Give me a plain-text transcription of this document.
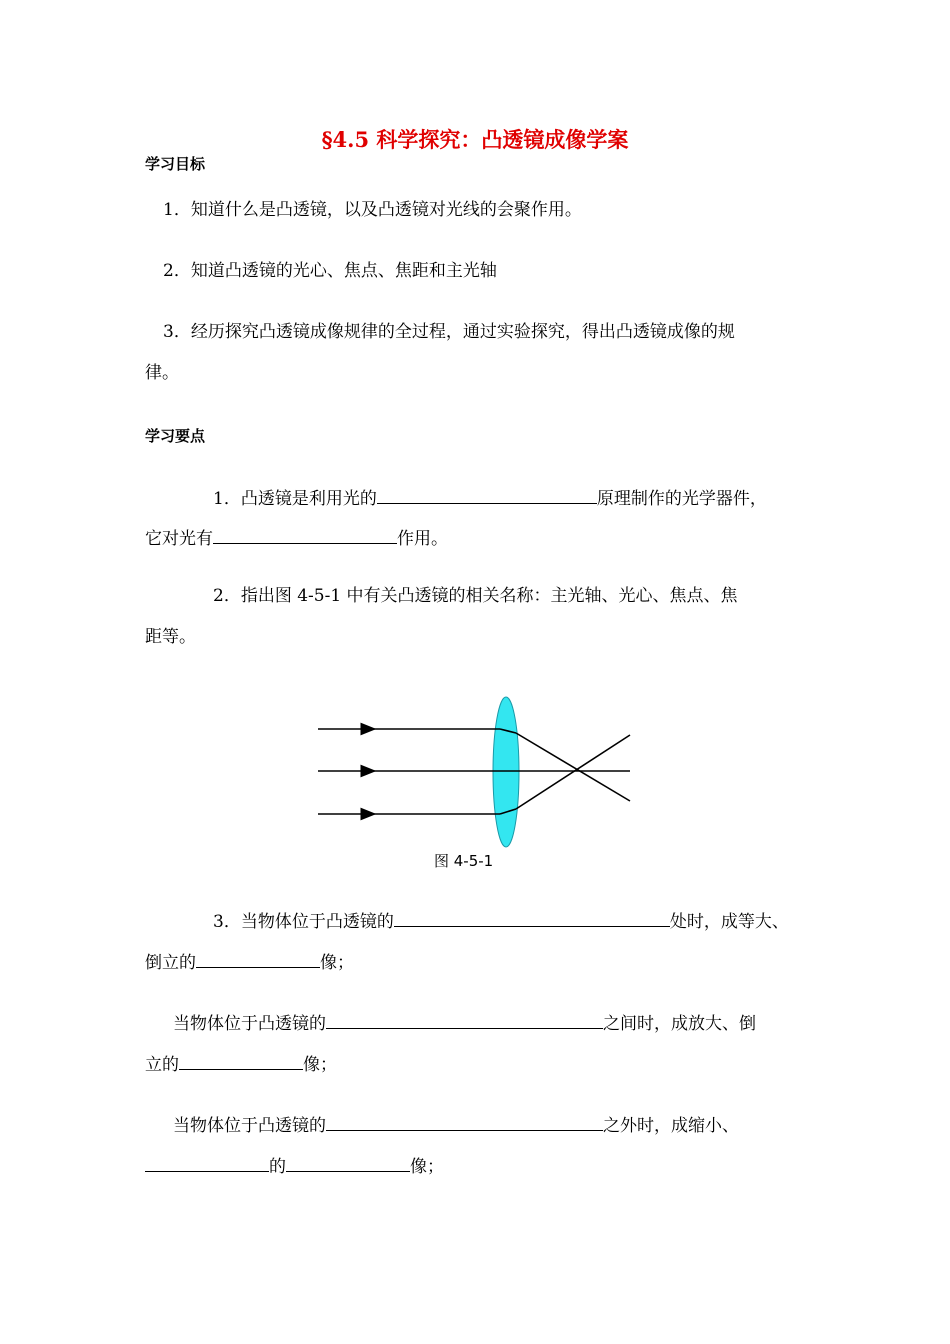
§4.5 科学探究：凸透镜成像学案
学习目标
1．知道什么是凸透镜，以及凸透镜对光线的会聚作用。
2．知道凸透镜的光心、焦点、焦距和主光轴
3．经历探究凸透镜成像规律的全过程，通过实验探究，得出凸透镜成像的规
律。
学习要点
1．凸透镜是利用光的	原理制作的光学器件，
它对光有	作用。
2．指出图 4-5-1 中有关凸透镜的相关名称：主光轴、光心、焦点、焦
距等。
图 4-5-1
3．当物体位于凸透镜的	处时，成等大、
倒立的	像；
当物体位于凸透镜的	之间时，成放大、倒
立的	像；
当物体位于凸透镜的	之外时，成缩小、
的	像；
